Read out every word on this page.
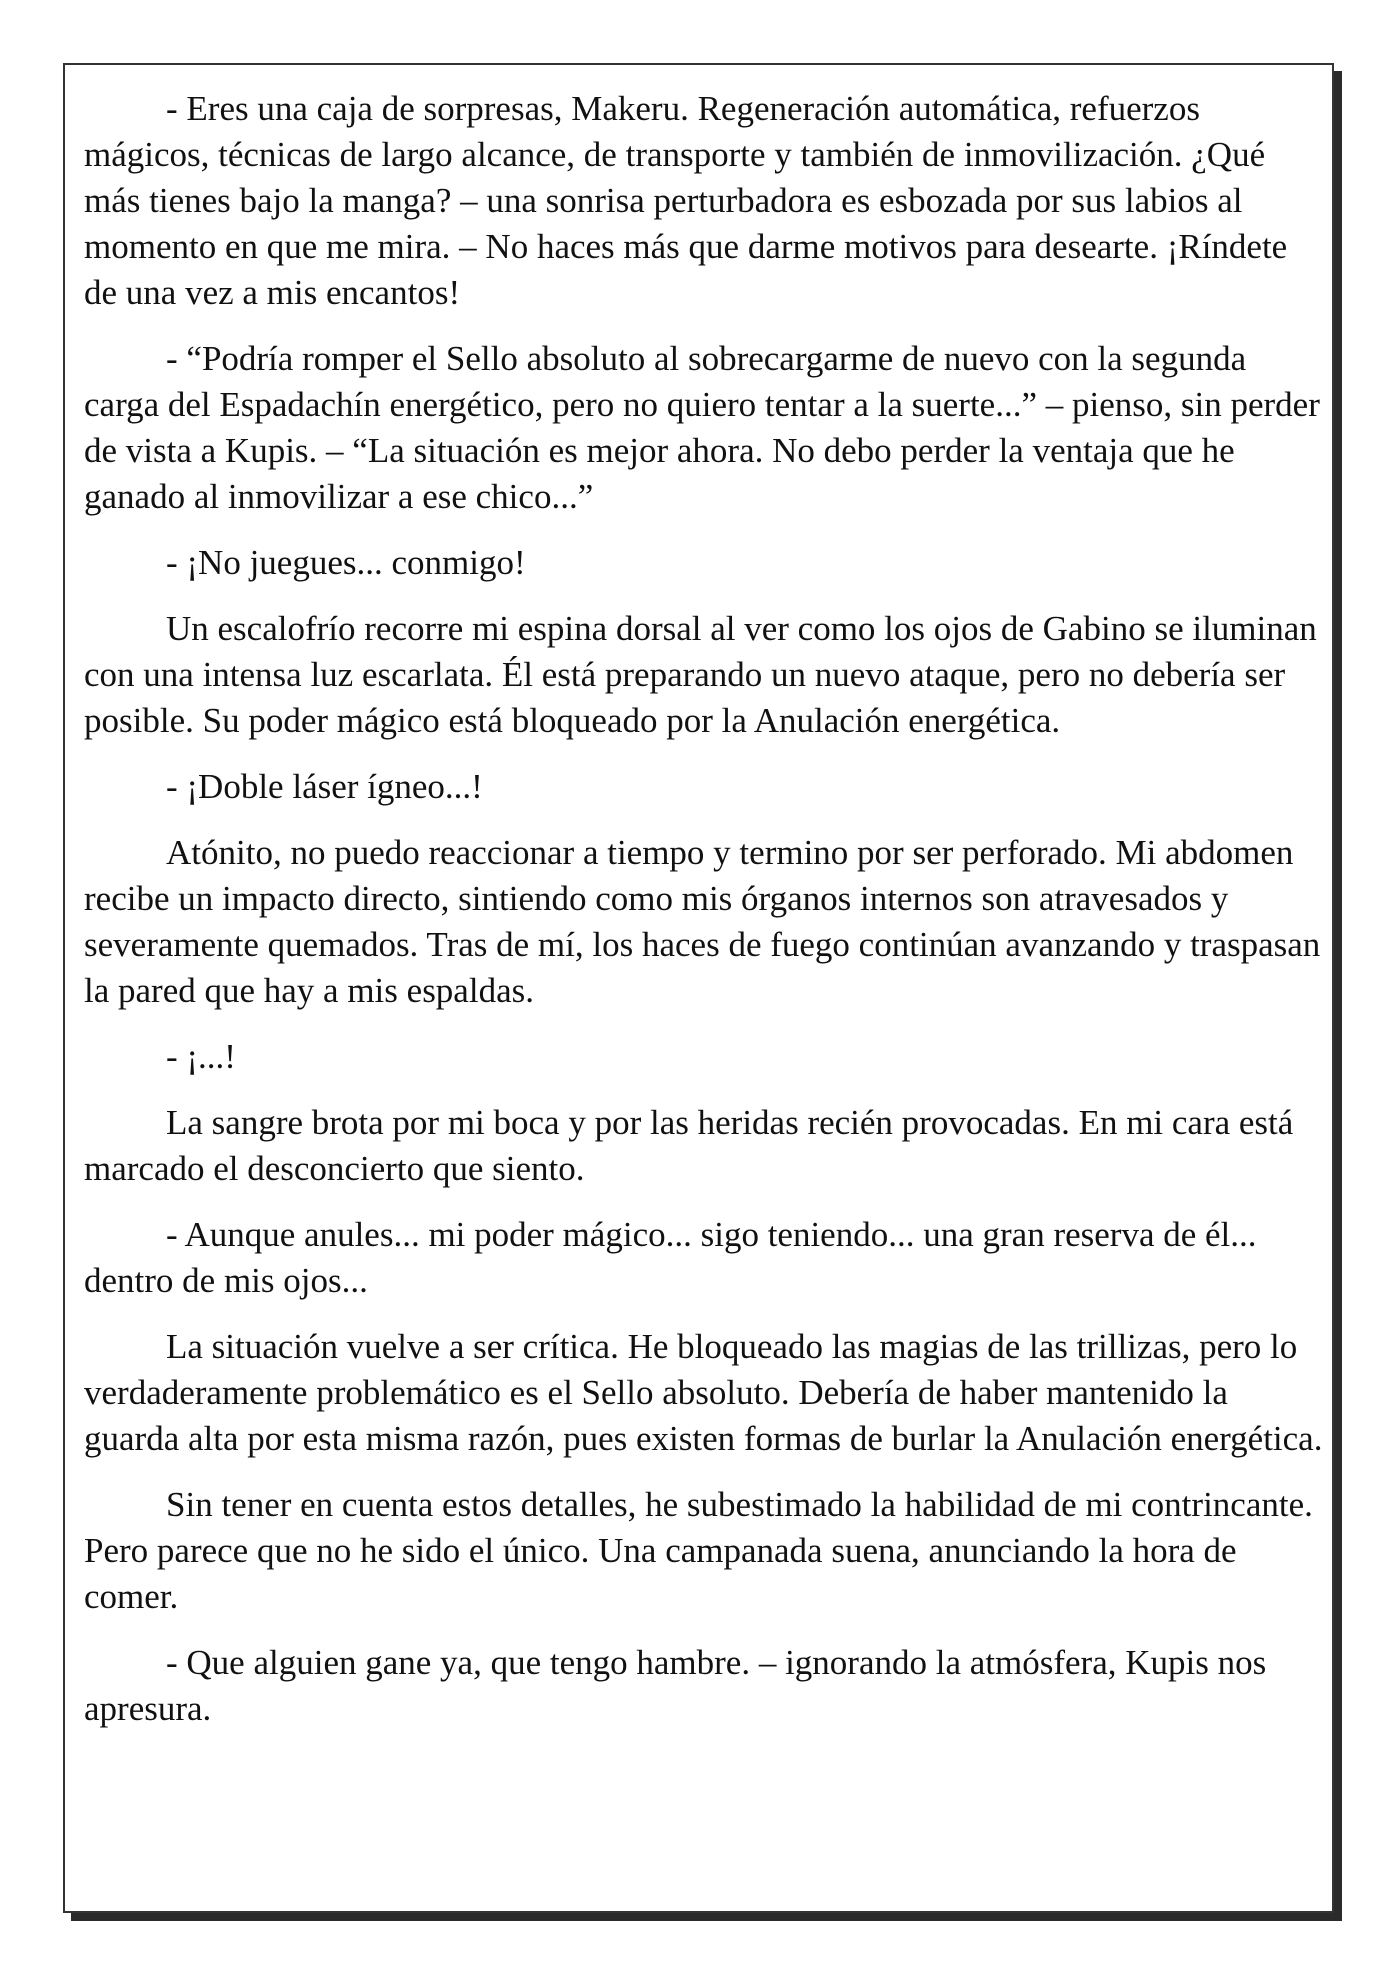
- Eres una caja de sorpresas, Makeru. Regeneración automática, refuerzos mágicos, técnicas de largo alcance, de transporte y también de inmovilización. ¿Qué más tienes bajo la manga? – una sonrisa perturbadora es esbozada por sus labios al momento en que me mira. – No haces más que darme motivos para desearte. ¡Ríndete de una vez a mis encantos!

- “Podría romper el Sello absoluto al sobrecargarme de nuevo con la segunda carga del Espadachín energético, pero no quiero tentar a la suerte...” – pienso, sin perder de vista a Kupis. – “La situación es mejor ahora. No debo perder la ventaja que he ganado al inmovilizar a ese chico...”

- ¡No juegues... conmigo!

Un escalofrío recorre mi espina dorsal al ver como los ojos de Gabino se iluminan con una intensa luz escarlata. Él está preparando un nuevo ataque, pero no debería ser posible. Su poder mágico está bloqueado por la Anulación energética.

- ¡Doble láser ígneo...!

Atónito, no puedo reaccionar a tiempo y termino por ser perforado. Mi abdomen recibe un impacto directo, sintiendo como mis órganos internos son atravesados y severamente quemados. Tras de mí, los haces de fuego continúan avanzando y traspasan la pared que hay a mis espaldas.

- ¡...!

La sangre brota por mi boca y por las heridas recién provocadas. En mi cara está marcado el desconcierto que siento.

- Aunque anules... mi poder mágico... sigo teniendo... una gran reserva de él... dentro de mis ojos...

La situación vuelve a ser crítica. He bloqueado las magias de las trillizas, pero lo verdaderamente problemático es el Sello absoluto. Debería de haber mantenido la guarda alta por esta misma razón, pues existen formas de burlar la Anulación energética.

Sin tener en cuenta estos detalles, he subestimado la habilidad de mi contrincante. Pero parece que no he sido el único. Una campanada suena, anunciando la hora de comer.

- Que alguien gane ya, que tengo hambre. – ignorando la atmósfera, Kupis nos apresura.
